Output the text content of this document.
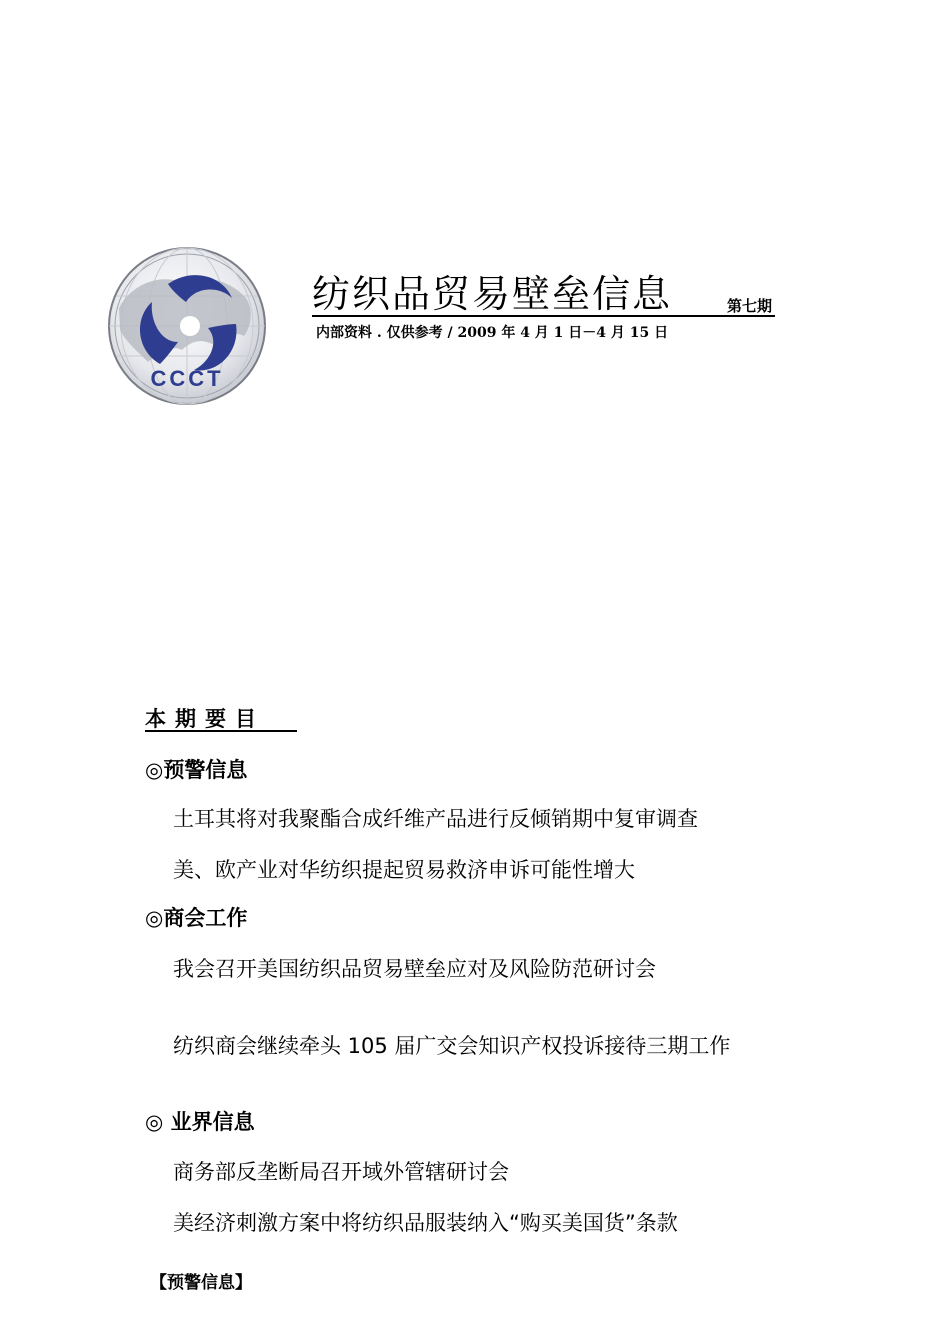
CCCT
纺织品贸易壁垒信息	第七期
内部资料 . 仅供参考 / 2009 年 4 月 1 日－4 月 15 日
本期要目
◎预警信息
土耳其将对我聚酯合成纤维产品进行反倾销期中复审调查
美、欧产业对华纺织提起贸易救济申诉可能性增大
◎商会工作
我会召开美国纺织品贸易壁垒应对及风险防范研讨会
纺织商会继续牵头 105 届广交会知识产权投诉接待三期工作
◎ 业界信息
商务部反垄断局召开域外管辖研讨会
美经济刺激方案中将纺织品服装纳入“购买美国货”条款
【预警信息】
